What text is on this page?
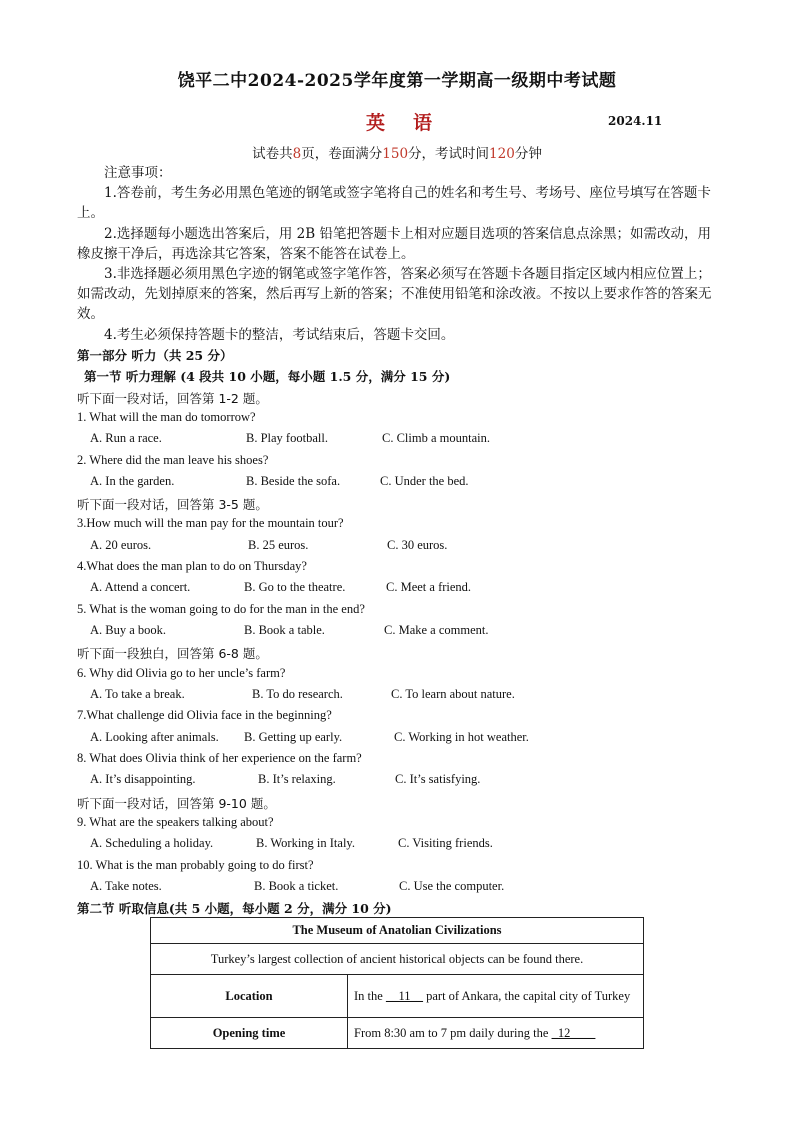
饶平二中2024-2025学年度第一学期高一级期中考试题
英语	2024.11
试卷共8页，卷面满分150分，考试时间120分钟

注意事项：

1.答卷前，考生务必用黑色笔迹的钢笔或签字笔将自己的姓名和考生号、考场号、座位号填写在答题卡上。

2.选择题每小题选出答案后，用 2B 铅笔把答题卡上相对应题目选项的答案信息点涂黑；如需改动，用橡皮擦干净后，再选涂其它答案，答案不能答在试卷上。

3.非选择题必须用黑色字迹的钢笔或签字笔作答，答案必须写在答题卡各题目指定区域内相应位置上；如需改动，先划掉原来的答案，然后再写上新的答案；不准使用铅笔和涂改液。不按以上要求作答的答案无效。

4.考生必须保持答题卡的整洁，考试结束后，答题卡交回。

第一部分 听力（共 25 分）
第一节 听力理解 (4 段共 10 小题，每小题 1.5 分，满分 15 分)
听下面一段对话，回答第 1-2 题。
1. What will the man do tomorrow?
A. Run a race.	B. Play football.	C. Climb a mountain.
2. Where did the man leave his shoes?
A. In the garden.	B. Beside the sofa.	C. Under the bed.
听下面一段对话，回答第 3-5 题。
3.How much will the man pay for the mountain tour?
A. 20 euros.	B. 25 euros.	C. 30 euros.
4.What does the man plan to do on Thursday?
A. Attend a concert.	B. Go to the theatre.	C. Meet a friend.
5. What is the woman going to do for the man in the end?
A. Buy a book.	B. Book a table.	C. Make a comment.
听下面一段独白，回答第 6-8 题。
6. Why did Olivia go to her uncle’s farm?
A. To take a break.	B. To do research.	C. To learn about nature.
7.What challenge did Olivia face in the beginning?
A. Looking after animals. B. Getting up early.	C. Working in hot weather.
8. What does Olivia think of her experience on the farm?
A. It’s disappointing.	B. It’s relaxing.	C. It’s satisfying.
听下面一段对话，回答第 9-10 题。
9. What are the speakers talking about?
A. Scheduling a holiday.	B. Working in Italy.	C. Visiting friends.
10. What is the man probably going to do first?
A. Take notes.	B. Book a ticket.	C. Use the computer.
第二节 听取信息(共 5 小题，每小题 2 分，满分 10 分)
The Museum of Anatolian Civilizations	
Turkey’s largest collection of ancient historical objects can be found there.	
Location	In the __11__ part of Ankara, the capital city of Turkey
Opening time	From 8:30 am to 7 pm daily during the _12____
